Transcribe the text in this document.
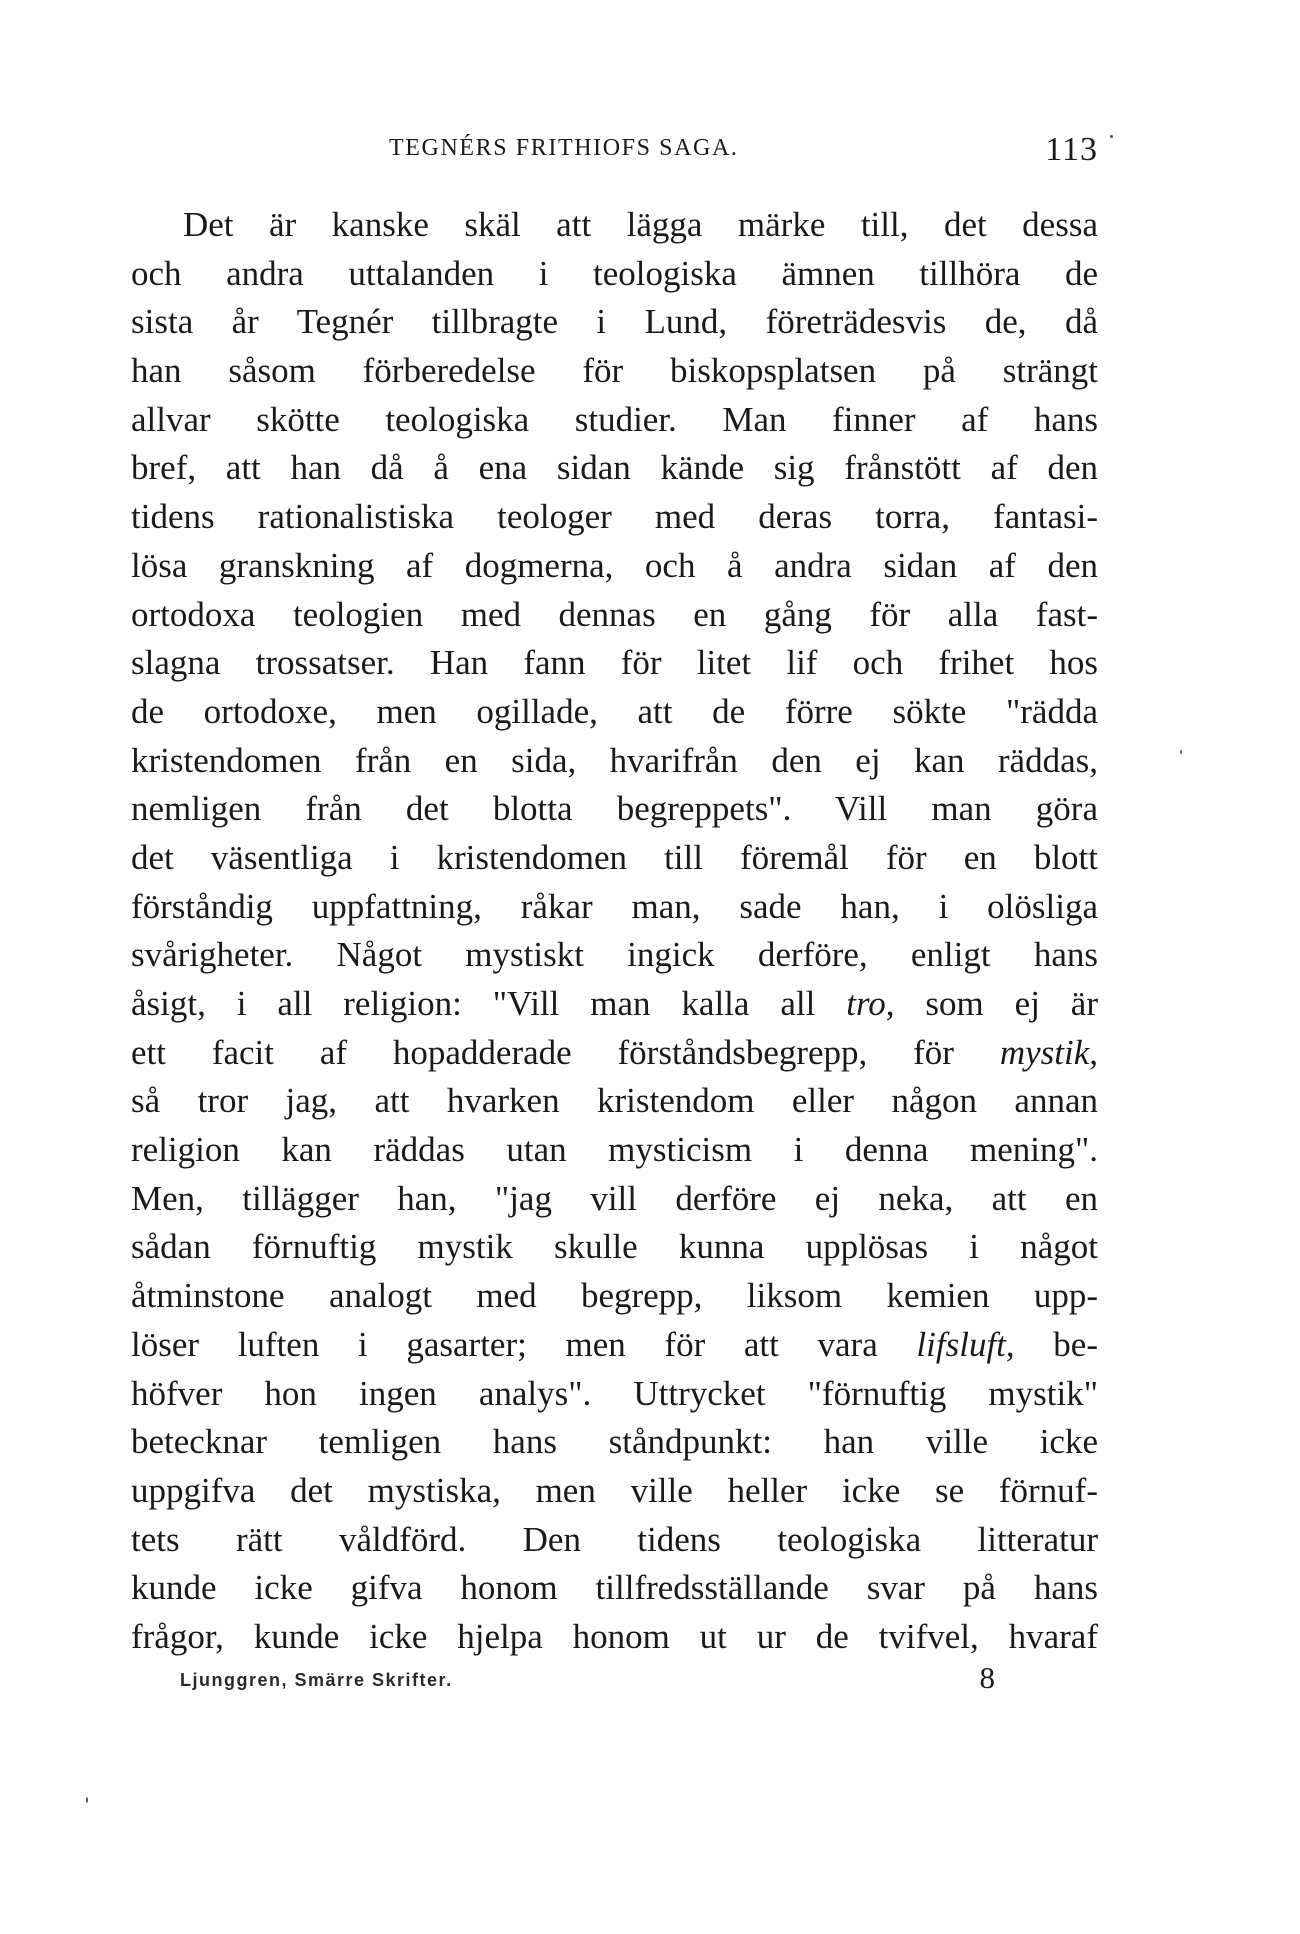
TEGNÉRS FRITHIOFS SAGA.	113
Det är kanske skäl att lägga märke till, det dessa
och andra uttalanden i teologiska ämnen tillhöra de
sista år Tegnér tillbragte i Lund, företrädesvis de, då
han såsom förberedelse för biskopsplatsen på strängt
allvar skötte teologiska studier. Man finner af hans
bref, att han då å ena sidan kände sig frånstött af den
tidens rationalistiska teologer med deras torra, fantasi-
lösa granskning af dogmerna, och å andra sidan af den
ortodoxa teologien med dennas en gång för alla fast-
slagna trossatser. Han fann för litet lif och frihet hos
de ortodoxe, men ogillade, att de förre sökte "rädda
kristendomen från en sida, hvarifrån den ej kan räddas,
nemligen från det blotta begreppets". Vill man göra
det väsentliga i kristendomen till föremål för en blott
förståndig uppfattning, råkar man, sade han, i olösliga
svårigheter. Något mystiskt ingick derföre, enligt hans
åsigt, i all religion: "Vill man kalla all tro, som ej är
ett facit af hopadderade förståndsbegrepp, för mystik,
så tror jag, att hvarken kristendom eller någon annan
religion kan räddas utan mysticism i denna mening".
Men, tillägger han, "jag vill derföre ej neka, att en
sådan förnuftig mystik skulle kunna upplösas i något
åtminstone analogt med begrepp, liksom kemien upp-
löser luften i gasarter; men för att vara lifsluft, be-
höfver hon ingen analys". Uttrycket "förnuftig mystik"
betecknar temligen hans ståndpunkt: han ville icke
uppgifva det mystiska, men ville heller icke se förnuf-
tets rätt våldförd. Den tidens teologiska litteratur
kunde icke gifva honom tillfredsställande svar på hans
frågor, kunde icke hjelpa honom ut ur de tvifvel, hvaraf
Ljunggren, Smärre Skrifter.	8
